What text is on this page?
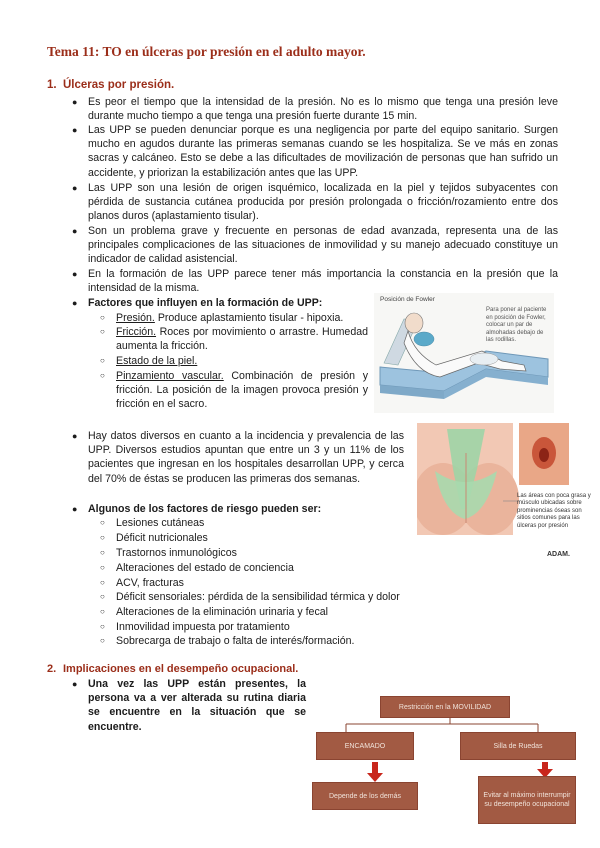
Tema 11: TO en úlceras por presión en el adulto mayor.
1. Úlceras por presión.
● Es peor el tiempo que la intensidad de la presión. No es lo mismo que tenga una presión leve durante mucho tiempo a que tenga una presión fuerte durante 15 min.
● Las UPP se pueden denunciar porque es una negligencia por parte del equipo sanitario. Surgen mucho en agudos durante las primeras semanas cuando se les hospitaliza. Se ve más en zonas sacras y calcáneo. Esto se debe a las dificultades de movilización de personas que han sufrido un accidente, y priorizan la estabilización antes que las UPP.
● Las UPP son una lesión de origen isquémico, localizada en la piel y tejidos subyacentes con pérdida de sustancia cutánea producida por presión prolongada o fricción/rozamiento entre dos planos duros (aplastamiento tisular).
● Son un problema grave y frecuente en personas de edad avanzada, representa una de las principales complicaciones de las situaciones de inmovilidad y su manejo adecuado constituye un indicador de calidad asistencial.
● En la formación de las UPP parece tener más importancia la constancia en la presión que la intensidad de la misma.
● Factores que influyen en la formación de UPP:
○ Presión. Produce aplastamiento tisular - hipoxia.
○ Fricción. Roces por movimiento o arrastre. Humedad aumenta la fricción.
○ Estado de la piel.
○ Pinzamiento vascular. Combinación de presión y fricción. La posición de la imagen provoca presión y fricción en el sacro.
Posición de Fowler
Para poner al paciente en posición de Fowler, colocar un par de almohadas debajo de las rodillas.
● Hay datos diversos en cuanto a la incidencia y prevalencia de las UPP. Diversos estudios apuntan que entre un 3 y un 11% de los pacientes que ingresan en los hospitales desarrollan UPP, y cerca del 70% de éstas se producen las primeras dos semanas.
● Algunos de los factores de riesgo pueden ser:
Las áreas con poca grasa y músculo ubicadas sobre prominencias óseas son sitios comunes para las úlceras por presión
ADAM.
○ Lesiones cutáneas
○ Déficit nutricionales
○ Trastornos inmunológicos
○ Alteraciones del estado de conciencia
○ ACV, fracturas
○ Déficit sensoriales: pérdida de la sensibilidad térmica y dolor
○ Alteraciones de la eliminación urinaria y fecal
○ Inmovilidad impuesta por tratamiento
○ Sobrecarga de trabajo o falta de interés/formación.
2. Implicaciones en el desempeño ocupacional.
● Una vez las UPP están presentes, la persona va a ver alterada su rutina diaria se encuentre en la situación que se encuentre.
Restricción en la MOVILIDAD
ENCAMADO	Silla de Ruedas
Depende de los demás	Evitar al máximo interrumpir su desempeño ocupacional
